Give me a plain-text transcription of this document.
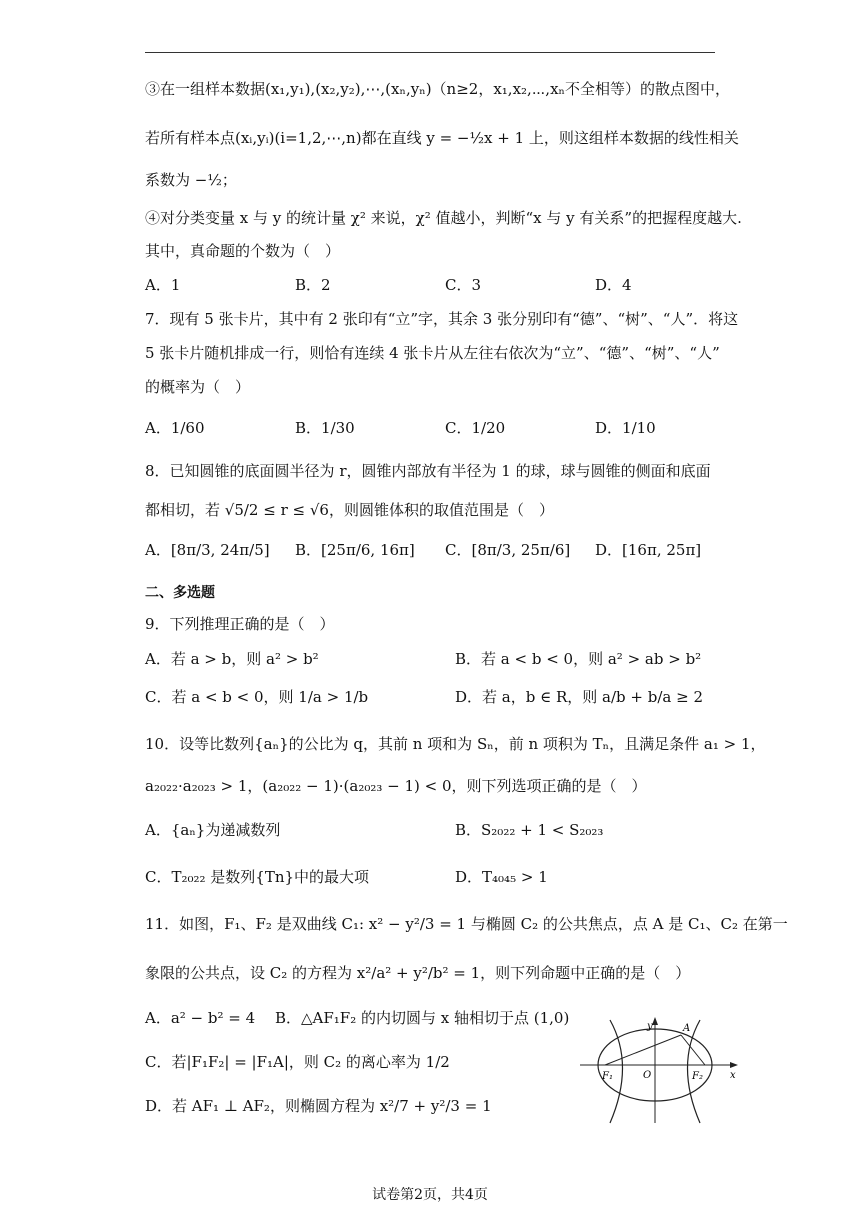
③在一组样本数据(x₁,y₁),(x₂,y₂),⋯,(xₙ,yₙ)（n≥2，x₁,x₂,⋯,xₙ不全相等）的散点图中，
若所有样本点(xᵢ,yᵢ)(i=1,2,⋯,n)都在直线 y = −½x + 1 上，则这组样本数据的线性相关
系数为 −½；
④对分类变量 x 与 y 的统计量 χ² 来说，χ² 值越小，判断“x 与 y 有关系”的把握程度越大.
其中，真命题的个数为（　）
A．1	B．2	C．3	D．4
7．现有 5 张卡片，其中有 2 张印有“立”字，其余 3 张分别印有“德”、“树”、“人”．将这
5 张卡片随机排成一行，则恰有连续 4 张卡片从左往右依次为“立”、“德”、“树”、“人”
的概率为（　）
A．1/60	B．1/30	C．1/20	D．1/10
8．已知圆锥的底面圆半径为 r，圆锥内部放有半径为 1 的球，球与圆锥的侧面和底面
都相切，若 √5/2 ≤ r ≤ √6，则圆锥体积的取值范围是（　）
A．[8π/3, 24π/5] B．[25π/6, 16π] C．[8π/3, 25π/6] D．[16π, 25π]
二、多选题
9．下列推理正确的是（　）
A．若 a > b，则 a² > b²	B．若 a < b < 0，则 a² > ab > b²
C．若 a < b < 0，则 1/a > 1/b	D．若 a，b ∈ R，则 a/b + b/a ≥ 2
10．设等比数列{aₙ}的公比为 q，其前 n 项和为 Sₙ，前 n 项积为 Tₙ，且满足条件 a₁ > 1，
a₂₀₂₂·a₂₀₂₃ > 1，(a₂₀₂₂ − 1)·(a₂₀₂₃ − 1) < 0，则下列选项正确的是（　）
A．{aₙ}为递减数列	B．S₂₀₂₂ + 1 < S₂₀₂₃
C．T₂₀₂₂ 是数列{Tn}中的最大项	D．T₄₀₄₅ > 1
11．如图，F₁、F₂ 是双曲线 C₁: x² − y²/3 = 1 与椭圆 C₂ 的公共焦点，点 A 是 C₁、C₂ 在第一
象限的公共点，设 C₂ 的方程为 x²/a² + y²/b² = 1，则下列命题中正确的是（　）
A．a² − b² = 4 B．△AF₁F₂ 的内切圆与 x 轴相切于点 (1,0)
C．若|F₁F₂| = |F₁A|，则 C₂ 的离心率为 1/2
D．若 AF₁ ⊥ AF₂，则椭圆方程为 x²/7 + y²/3 = 1
y
x
A
O
F₁	F₂
试卷第2页，共4页
